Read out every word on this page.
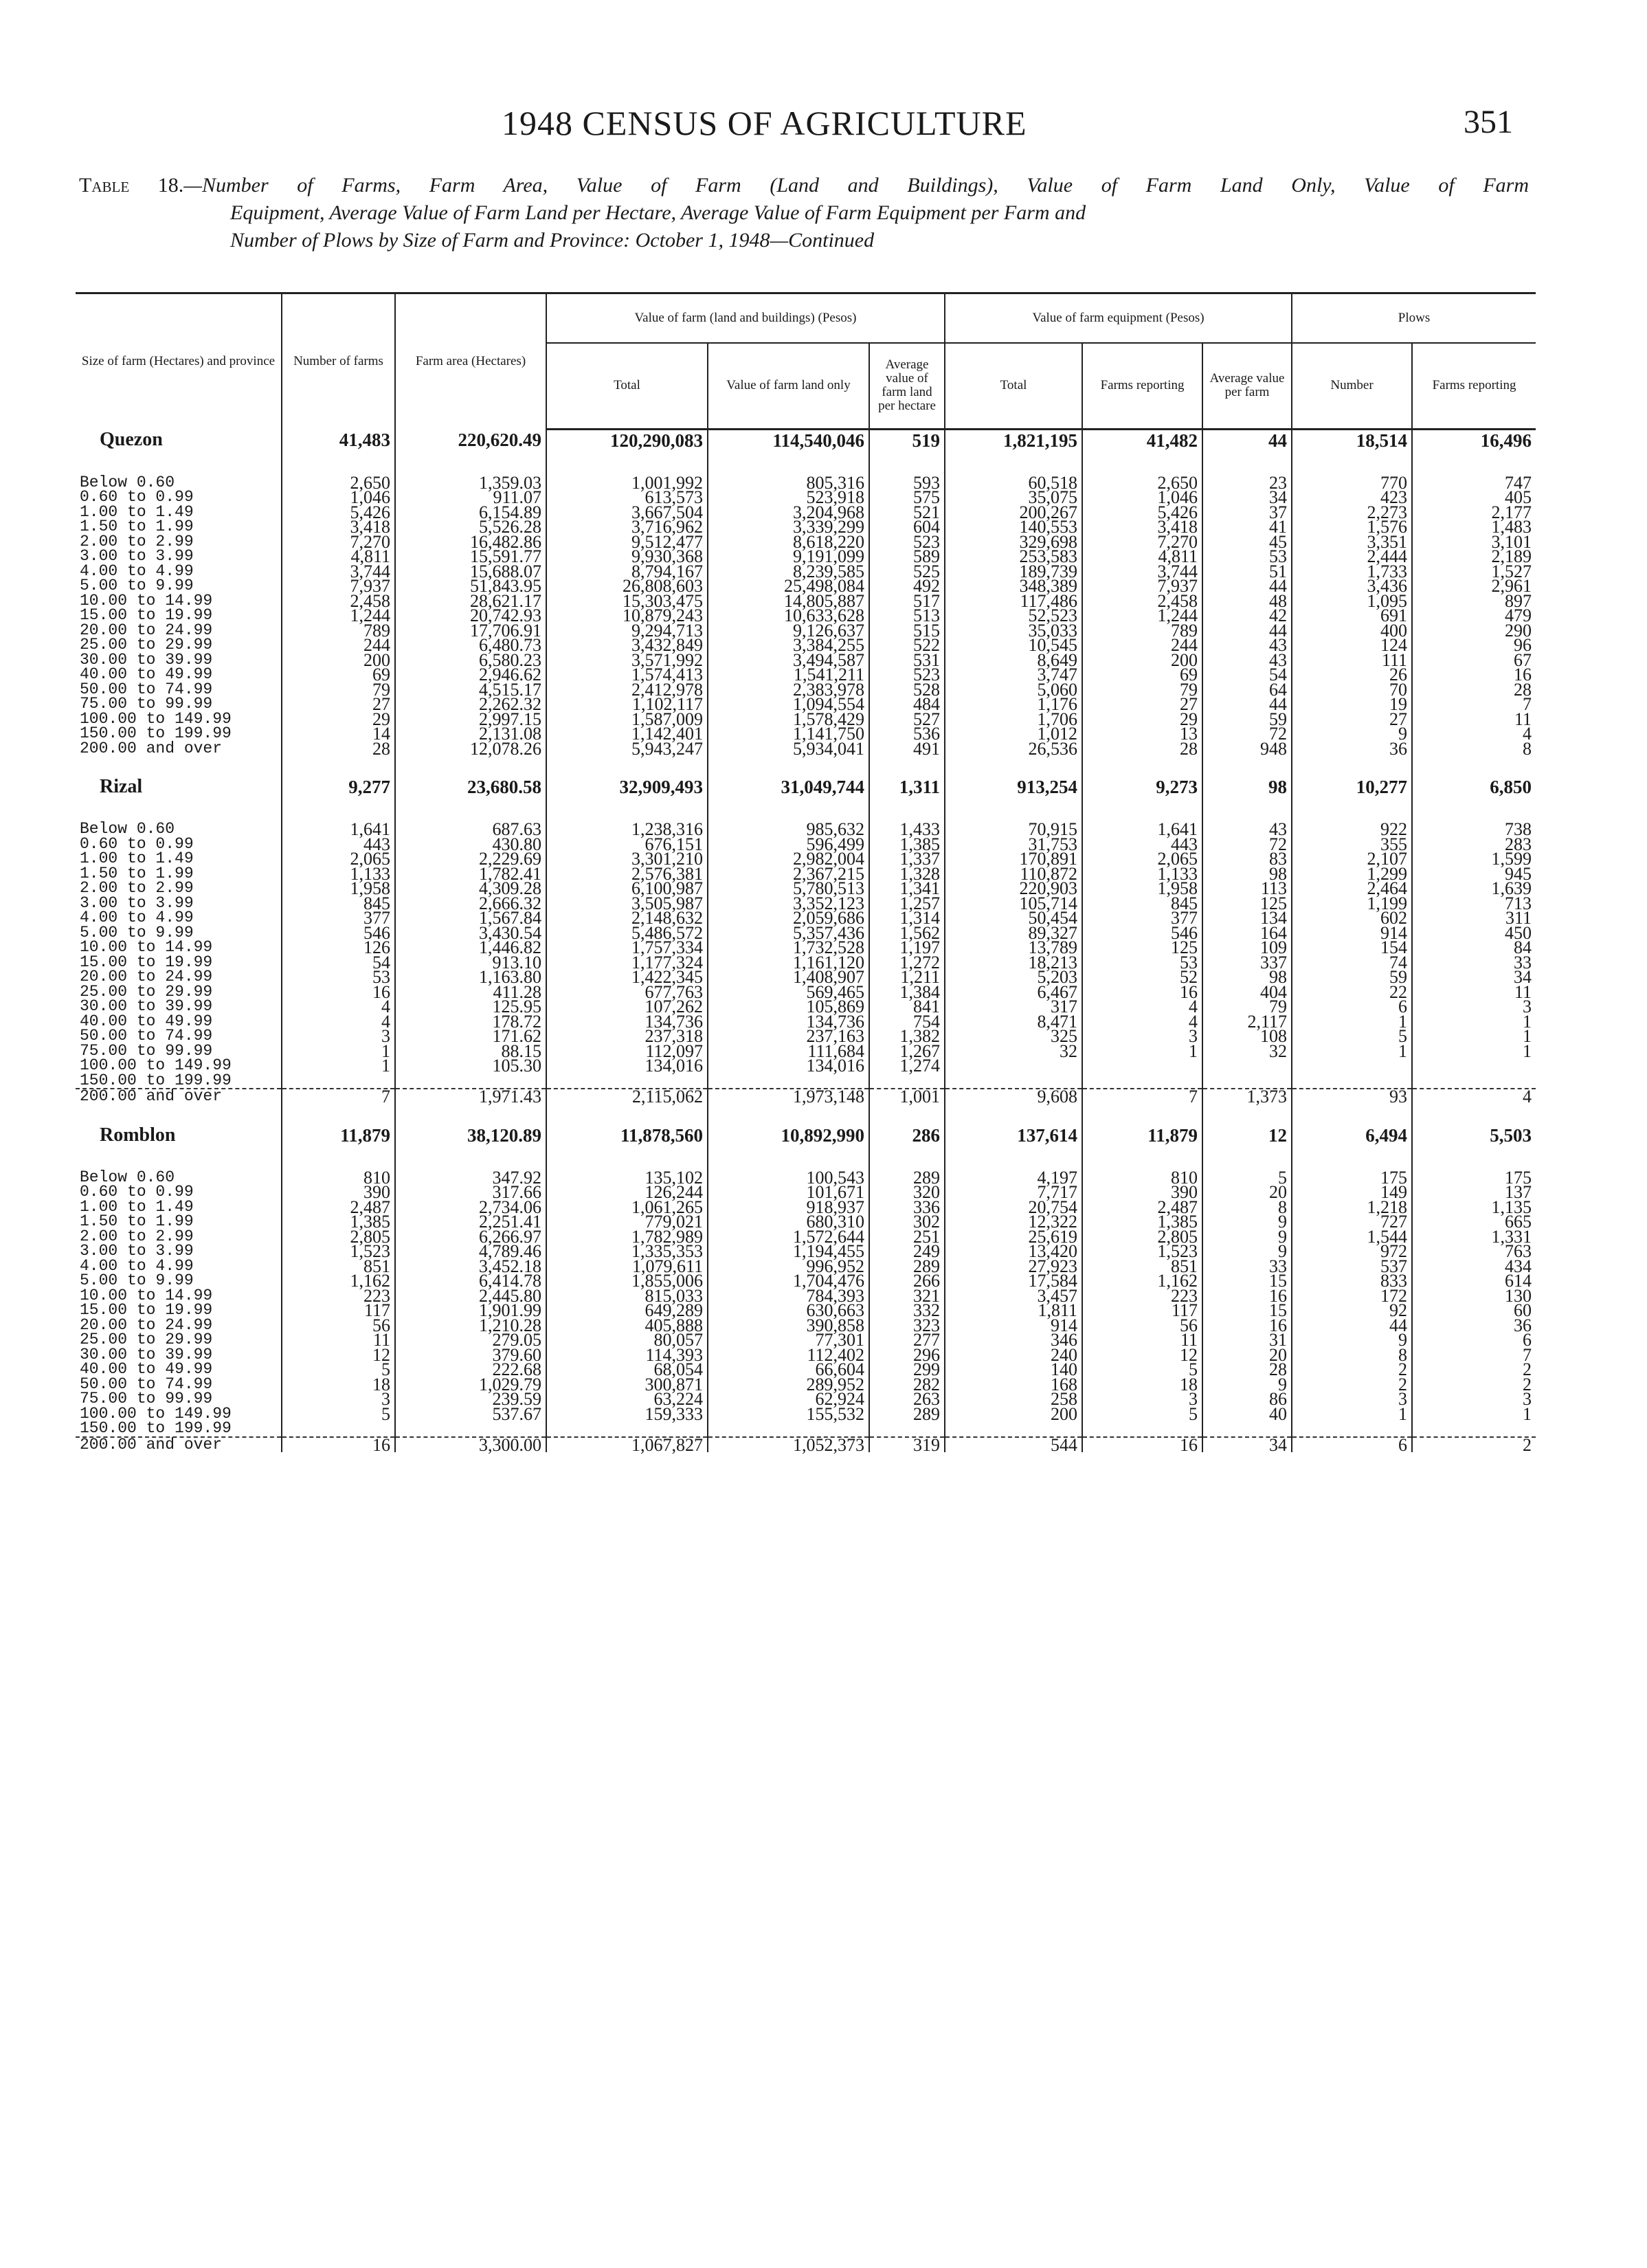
1948 CENSUS OF AGRICULTURE	351
Table 18.—Number of Farms, Farm Area, Value of Farm (Land and Buildings), Value of Farm Land Only, Value of Farm
Equipment, Average Value of Farm Land per Hectare, Average Value of Farm Equipment per Farm and
Number of Plows by Size of Farm and Province: October 1, 1948—Continued
Size of farm (Hectares) and province	Number of farms	Farm area (Hectares)	Value of farm (land and buildings) (Pesos)			Value of farm equipment (Pesos)			Plows	
			Total	Value of farm land only	Average value of farm land per hectare	Total	Farms reporting	Average value per farm	Number	Farms reporting
Quezon	41,483	220,620.49	120,290,083	114,540,046	519	1,821,195	41,482	44	18,514	16,496
Below 0.60	2,650	1,359.03	1,001,992	805,316	593	60,518	2,650	23	770	747
0.60 to 0.99	1,046	911.07	613,573	523,918	575	35,075	1,046	34	423	405
1.00 to 1.49	5,426	6,154.89	3,667,504	3,204,968	521	200,267	5,426	37	2,273	2,177
1.50 to 1.99	3,418	5,526.28	3,716,962	3,339,299	604	140,553	3,418	41	1,576	1,483
2.00 to 2.99	7,270	16,482.86	9,512,477	8,618,220	523	329,698	7,270	45	3,351	3,101
3.00 to 3.99	4,811	15,591.77	9,930,368	9,191,099	589	253,583	4,811	53	2,444	2,189
4.00 to 4.99	3,744	15,688.07	8,794,167	8,239,585	525	189,739	3,744	51	1,733	1,527
5.00 to 9.99	7,937	51,843.95	26,808,603	25,498,084	492	348,389	7,937	44	3,436	2,961
10.00 to 14.99	2,458	28,621.17	15,303,475	14,805,887	517	117,486	2,458	48	1,095	897
15.00 to 19.99	1,244	20,742.93	10,879,243	10,633,628	513	52,523	1,244	42	691	479
20.00 to 24.99	789	17,706.91	9,294,713	9,126,637	515	35,033	789	44	400	290
25.00 to 29.99	244	6,480.73	3,432,849	3,384,255	522	10,545	244	43	124	96
30.00 to 39.99	200	6,580.23	3,571,992	3,494,587	531	8,649	200	43	111	67
40.00 to 49.99	69	2,946.62	1,574,413	1,541,211	523	3,747	69	54	26	16
50.00 to 74.99	79	4,515.17	2,412,978	2,383,978	528	5,060	79	64	70	28
75.00 to 99.99	27	2,262.32	1,102,117	1,094,554	484	1,176	27	44	19	7
100.00 to 149.99	29	2,997.15	1,587,009	1,578,429	527	1,706	29	59	27	11
150.00 to 199.99	14	2,131.08	1,142,401	1,141,750	536	1,012	13	72	9	4
200.00 and over	28	12,078.26	5,943,247	5,934,041	491	26,536	28	948	36	8
Rizal	9,277	23,680.58	32,909,493	31,049,744	1,311	913,254	9,273	98	10,277	6,850
Below 0.60	1,641	687.63	1,238,316	985,632	1,433	70,915	1,641	43	922	738
0.60 to 0.99	443	430.80	676,151	596,499	1,385	31,753	443	72	355	283
1.00 to 1.49	2,065	2,229.69	3,301,210	2,982,004	1,337	170,891	2,065	83	2,107	1,599
1.50 to 1.99	1,133	1,782.41	2,576,381	2,367,215	1,328	110,872	1,133	98	1,299	945
2.00 to 2.99	1,958	4,309.28	6,100,987	5,780,513	1,341	220,903	1,958	113	2,464	1,639
3.00 to 3.99	845	2,666.32	3,505,987	3,352,123	1,257	105,714	845	125	1,199	713
4.00 to 4.99	377	1,567.84	2,148,632	2,059,686	1,314	50,454	377	134	602	311
5.00 to 9.99	546	3,430.54	5,486,572	5,357,436	1,562	89,327	546	164	914	450
10.00 to 14.99	126	1,446.82	1,757,334	1,732,528	1,197	13,789	125	109	154	84
15.00 to 19.99	54	913.10	1,177,324	1,161,120	1,272	18,213	53	337	74	33
20.00 to 24.99	53	1,163.80	1,422,345	1,408,907	1,211	5,203	52	98	59	34
25.00 to 29.99	16	411.28	677,763	569,465	1,384	6,467	16	404	22	11
30.00 to 39.99	4	125.95	107,262	105,869	841	317	4	79	6	3
40.00 to 49.99	4	178.72	134,736	134,736	754	8,471	4	2,117	1	1
50.00 to 74.99	3	171.62	237,318	237,163	1,382	325	3	108	5	1
75.00 to 99.99	1	88.15	112,097	111,684	1,267	32	1	32	1	1
100.00 to 149.99	1	105.30	134,016	134,016	1,274					
150.00 to 199.99										
200.00 and over	7	1,971.43	2,115,062	1,973,148	1,001	9,608	7	1,373	93	4
Romblon	11,879	38,120.89	11,878,560	10,892,990	286	137,614	11,879	12	6,494	5,503
Below 0.60	810	347.92	135,102	100,543	289	4,197	810	5	175	175
0.60 to 0.99	390	317.66	126,244	101,671	320	7,717	390	20	149	137
1.00 to 1.49	2,487	2,734.06	1,061,265	918,937	336	20,754	2,487	8	1,218	1,135
1.50 to 1.99	1,385	2,251.41	779,021	680,310	302	12,322	1,385	9	727	665
2.00 to 2.99	2,805	6,266.97	1,782,989	1,572,644	251	25,619	2,805	9	1,544	1,331
3.00 to 3.99	1,523	4,789.46	1,335,353	1,194,455	249	13,420	1,523	9	972	763
4.00 to 4.99	851	3,452.18	1,079,611	996,952	289	27,923	851	33	537	434
5.00 to 9.99	1,162	6,414.78	1,855,006	1,704,476	266	17,584	1,162	15	833	614
10.00 to 14.99	223	2,445.80	815,033	784,393	321	3,457	223	16	172	130
15.00 to 19.99	117	1,901.99	649,289	630,663	332	1,811	117	15	92	60
20.00 to 24.99	56	1,210.28	405,888	390,858	323	914	56	16	44	36
25.00 to 29.99	11	279.05	80,057	77,301	277	346	11	31	9	6
30.00 to 39.99	12	379.60	114,393	112,402	296	240	12	20	8	7
40.00 to 49.99	5	222.68	68,054	66,604	299	140	5	28	2	2
50.00 to 74.99	18	1,029.79	300,871	289,952	282	168	18	9	2	2
75.00 to 99.99	3	239.59	63,224	62,924	263	258	3	86	3	3
100.00 to 149.99	5	537.67	159,333	155,532	289	200	5	40	1	1
150.00 to 199.99										
200.00 and over	16	3,300.00	1,067,827	1,052,373	319	544	16	34	6	2
